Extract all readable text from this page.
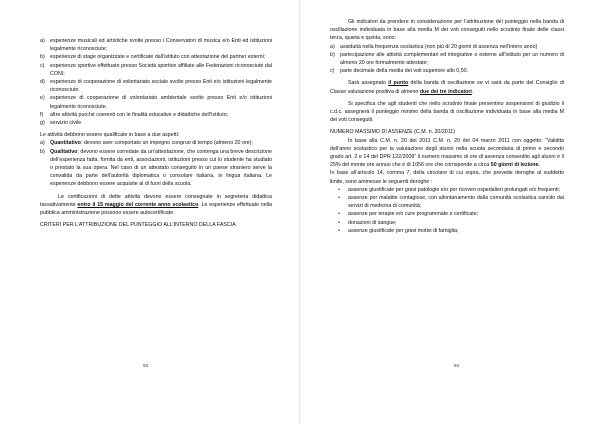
a) esperienze musicali ed artistiche svolte presso i Conservatori di musica e/o Enti ed istituzioni legalmente riconosciute;
b) esperienze di stage organizzate e certificate dall’istituto con attestazione del partner esterni;
c)	esperienze sportive effettuate presso Società sportive affiliate alle Federazioni riconosciute dal CONI;
d) esperienze di cooperazione di volontariato sociale svolte presso Enti e/o istituzioni legalmente riconosciute.
e) esperienze di cooperazione di volontariato ambientale svolte presso Enti e/o istituzioni legalmente riconosciute.
f)	altre attività purché coerenti con le finalità educative e didattiche dell’Istituto;
g) servizio civile

Le attività debbono essere qualificate in base a due aspetti:

a) Quantitativo: devono aver comportato un impegno congruo di tempo (almeno 20 ore);
b) Qualitativo: devono essere corredate da un’attestazione, che contenga una breve descrizione dell’esperienza fatta, fornita da enti, associazioni, istituzioni presso cui lo studente ha studiato o prestato la sua opera. Nel caso di un attestato conseguito in un paese straniero serve la convalida da parte dell’autorità diplomatica o consolare italiana, in lingua italiana. Le esperienze debbono essere acquisite al di fuori della scuola.

Le certificazioni di dette attività devono essere consegnate in segreteria didattica tassativamente entro il 15 maggio del corrente anno scolastico. Le esperienze effettuate nella pubblica amministrazione possono essere autocertificate.

CRITERI PER L’ATTRIBUZIONE DEL PUNTEGGIO ALL’INTERNO DELLA FASCIA

93

Gli indicatori da prendere in considerazione per l’attribuzione del punteggio nella banda di oscillazione individuata in base alla media M dei voti conseguiti nello scrutinio finale delle classi terza, quarta e quinta, sono:

a) assiduità nella frequenza scolastica (non più di 20 giorni di assenza nell’intero anno)
b) partecipazione alle attività complementari ed integrative o esterne all’Istituto per un numero di almeno 20 ore formalmente attestate;
c)	parte decimale della media dei voti superiore allo 0,50.

Sarà assegnato il punto della banda di oscillazione se vi sarà da parte del Consiglio di Classe valutazione positiva di almeno due dei tre indicatori.

Si specifica che agli studenti che nello scrutinio finale presentino sospensioni di giudizio il c.d.c. assegnerà il punteggio minimo della banda di oscillazione individuata in base alla media M dei voti conseguiti.

NUMERO MASSIMO DI ASSENZE (C.M. n. 20/2011)

In base alla C.M. n. 20 del 2011 C.M. n. 20 del 04 marzo 2011 con oggetto: “Validità dell’anno scolastico per la valutazione degli alunni nella scuola secondaria di primo e secondo grado art. 2 e 14 del DPR 122/2009” il numero massimo di ore di assenza consentito agli alunni è il 25% del monte ore annuo che è di 1056 ore che corrisponde a circa 50 giorni di lezione.

In base all’articolo 14, comma 7, della circolare di cui sopra, che prevede deroghe al suddetto limite, sono ammesse le seguenti deroghe :

•	assenze giustificate per gravi patologie e/o per ricoveri ospedalieri prolungati e/o frequenti;
•	assenze per malattie contagiose, con allontanamento dalla comunità scolastica sancito dai servizi di medicina di comunità;
•	assenze per terapie e/o cure programmate e certificate;
•	donazioni di sangue;
•	assenze giustificate per gravi motivi di famiglia;
94
